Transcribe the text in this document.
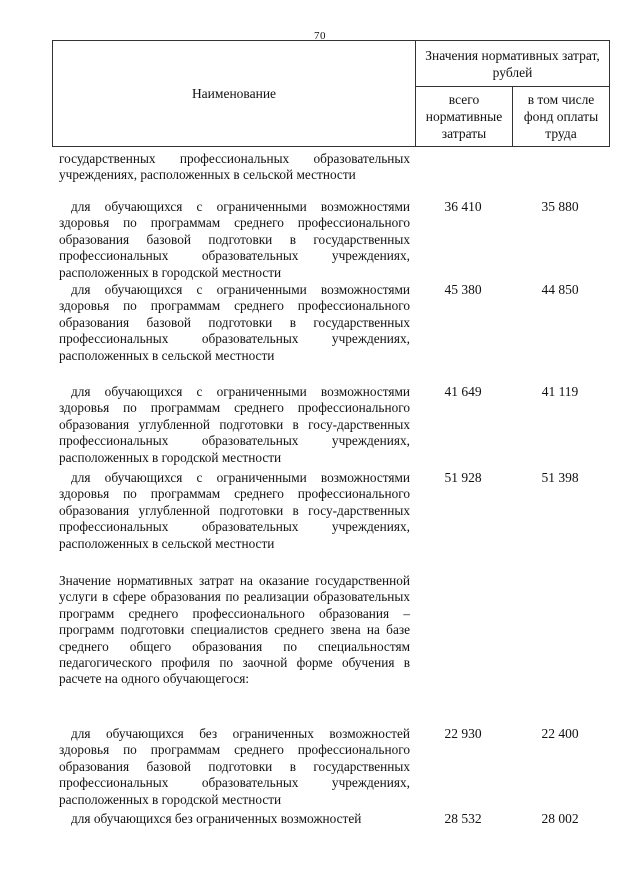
70
Наименование
Значения нормативных затрат, рублей
всего нормативные затраты
в том числе фонд оплаты труда
государственных профессиональных образовательных учреждениях, расположенных в сельской местности
для обучающихся с ограниченными возможностями здоровья по программам среднего профессионального образования базовой подготовки в государственных профессиональных образовательных учреждениях, расположенных в городской местности
36 410	35 880
для обучающихся с ограниченными возможностями здоровья по программам среднего профессионального образования базовой подготовки в государственных профессиональных образовательных учреждениях, расположенных в сельской местности
45 380	44 850
для обучающихся с ограниченными возможностями здоровья по программам среднего профессионального образования углубленной подготовки в госу-дарственных профессиональных образовательных учреждениях, расположенных в городской местности
41 649	41 119
для обучающихся с ограниченными возможностями здоровья по программам среднего профессионального образования углубленной подготовки в госу-дарственных профессиональных образовательных учреждениях, расположенных в сельской местности
51 928	51 398
Значение нормативных затрат на оказание государственной услуги в сфере образования по реализации образовательных программ среднего профессионального образования – программ подготовки специалистов среднего звена на базе среднего общего образования по специальностям педагогического профиля по заочной форме обучения в расчете на одного обучающегося:
для обучающихся без ограниченных возможностей здоровья по программам среднего профессионального образования базовой подготовки в государственных профессиональных образовательных учреждениях, расположенных в городской местности
22 930	22 400
для обучающихся без ограниченных возможностей	28 532	28 002
